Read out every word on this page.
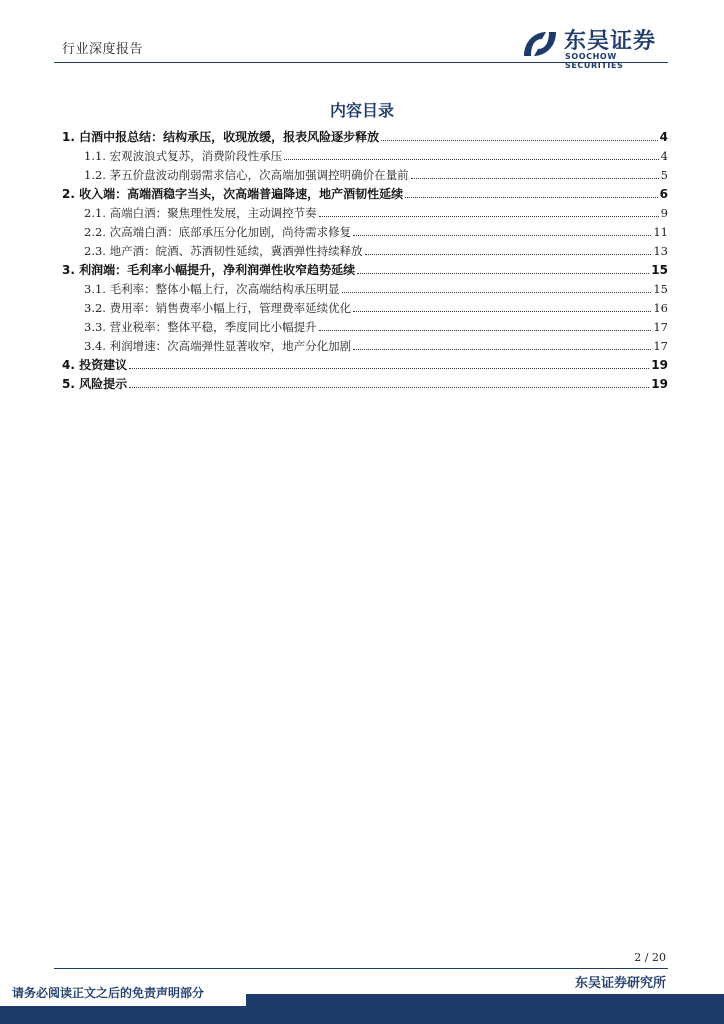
行业深度报告	东吴证券
SOOCHOW SECURITIES
内容目录
1. 白酒中报总结：结构承压，收现放缓，报表风险逐步释放	4
1.1. 宏观波浪式复苏，消费阶段性承压	4
1.2. 茅五价盘波动削弱需求信心，次高端加强调控明确价在量前	5
2. 收入端：高端酒稳字当头，次高端普遍降速，地产酒韧性延续	6
2.1. 高端白酒：聚焦理性发展，主动调控节奏	9
2.2. 次高端白酒：底部承压分化加剧，尚待需求修复	11
2.3. 地产酒：皖酒、苏酒韧性延续，冀酒弹性持续释放	13
3. 利润端：毛利率小幅提升，净利润弹性收窄趋势延续	15
3.1. 毛利率：整体小幅上行，次高端结构承压明显	15
3.2. 费用率：销售费率小幅上行，管理费率延续优化	16
3.3. 营业税率：整体平稳，季度同比小幅提升	17
3.4. 利润增速：次高端弹性显著收窄，地产分化加剧	17
4. 投资建议	19
5. 风险提示	19
2 / 20
东吴证券研究所
请务必阅读正文之后的免责声明部分
